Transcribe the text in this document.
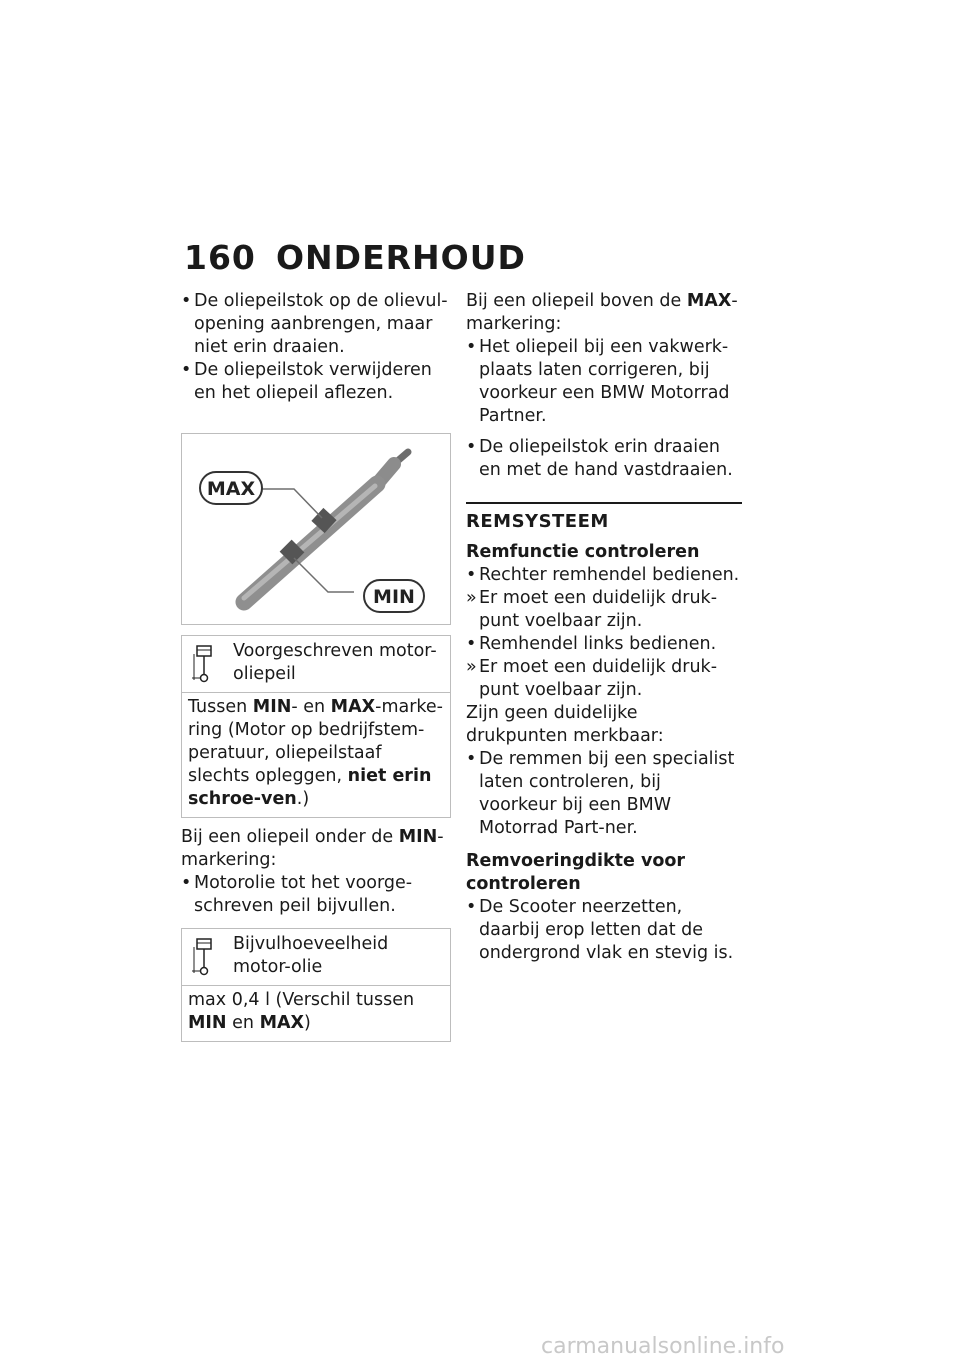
160 ONDERHOUD

• De oliepeilstok op de olievul-opening aanbrengen, maar niet erin draaien.

• De oliepeilstok verwijderen en het oliepeil aflezen.

MAX
MIN
Voorgeschreven motor-oliepeil
Tussen MIN- en MAX-marke-ring (Motor op bedrijfstem-peratuur, oliepeilstaaf slechts opleggen, niet erin schroe-ven.)

Bij een oliepeil onder de MIN-markering:

• Motorolie tot het voorge-schreven peil bijvullen.

Bijvulhoeveelheid motor-olie
max 0,4 l (Verschil tussen MIN en MAX)

Bij een oliepeil boven de MAX-markering:

• Het oliepeil bij een vakwerk-plaats laten corrigeren, bij voorkeur een BMW Motorrad Partner.

• De oliepeilstok erin draaien en met de hand vastdraaien.

REMSYSTEEM
Remfunctie controleren

• Rechter remhendel bedienen.

» Er moet een duidelijk druk-punt voelbaar zijn.

• Remhendel links bedienen.

» Er moet een duidelijk druk-punt voelbaar zijn.

Zijn geen duidelijke drukpunten merkbaar:

• De remmen bij een specialist laten controleren, bij voorkeur bij een BMW Motorrad Part-ner.

Remvoeringdikte voor controleren

• De Scooter neerzetten, daarbij erop letten dat de ondergrond vlak en stevig is.

carmanualsonline.info
